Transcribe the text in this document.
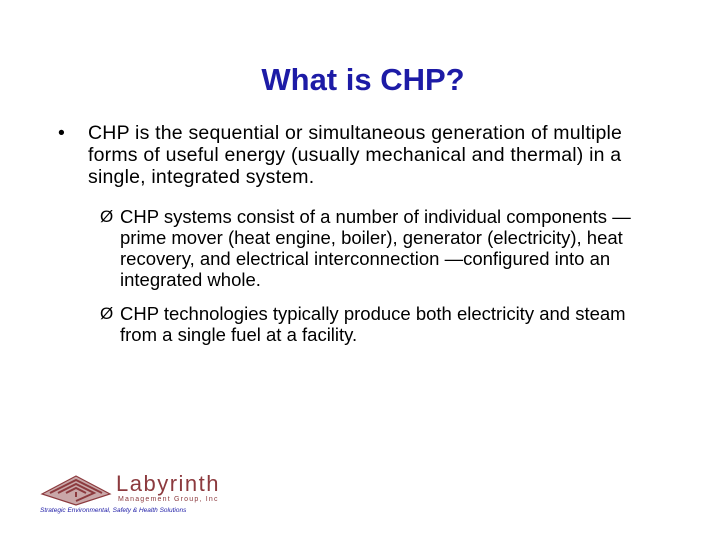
What is CHP?
• CHP is the sequential or simultaneous generation of multiple forms of useful energy (usually mechanical and thermal) in a single, integrated system.
Ø CHP systems consist of a number of individual components — prime mover (heat engine, boiler), generator (electricity), heat recovery, and electrical interconnection —configured into an integrated whole.
Ø CHP technologies typically produce both electricity and steam from a single fuel at a facility.
Labyrinth
Management Group, Inc
Strategic Environmental, Safety & Health Solutions
